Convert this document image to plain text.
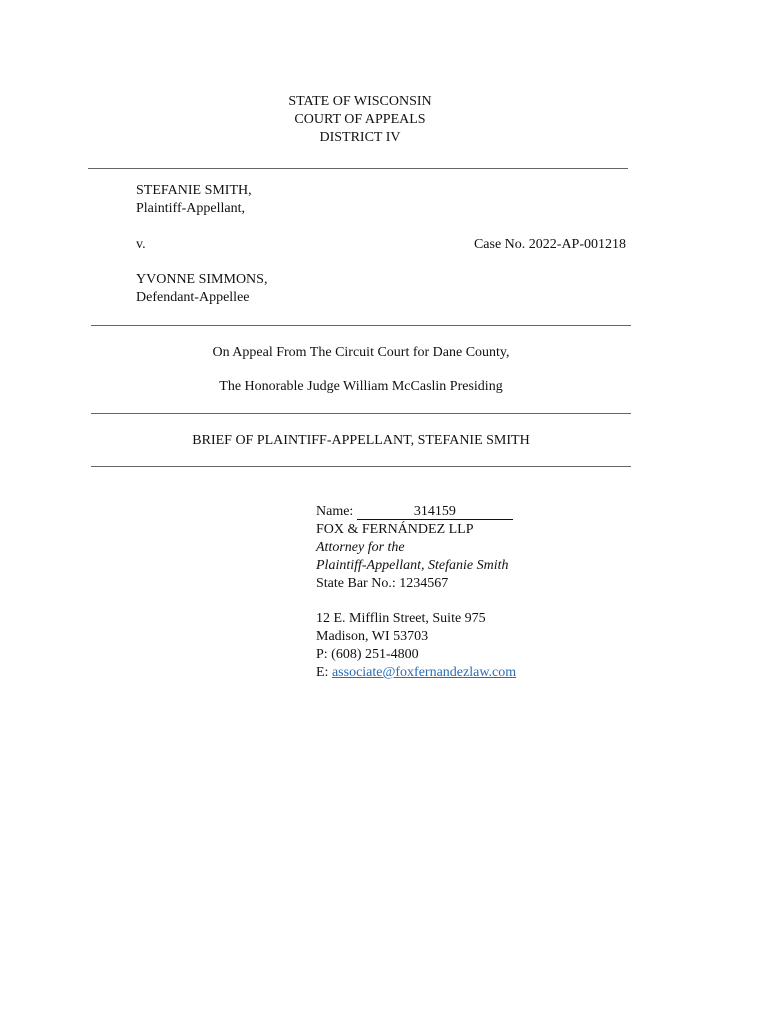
STATE OF WISCONSIN
COURT OF APPEALS
DISTRICT IV
STEFANIE SMITH,
Plaintiff-Appellant,
v.	Case No. 2022-AP-001218
YVONNE SIMMONS,
Defendant-Appellee
On Appeal From The Circuit Court for Dane County,
The Honorable Judge William McCaslin Presiding
BRIEF OF PLAINTIFF-APPELLANT, STEFANIE SMITH
Name:	314159
FOX & FERNÁNDEZ LLP
Attorney for the
Plaintiff-Appellant, Stefanie Smith
State Bar No.: 1234567
12 E. Mifflin Street, Suite 975
Madison, WI 53703
P: (608) 251-4800
E: associate@foxfernandezlaw.com
